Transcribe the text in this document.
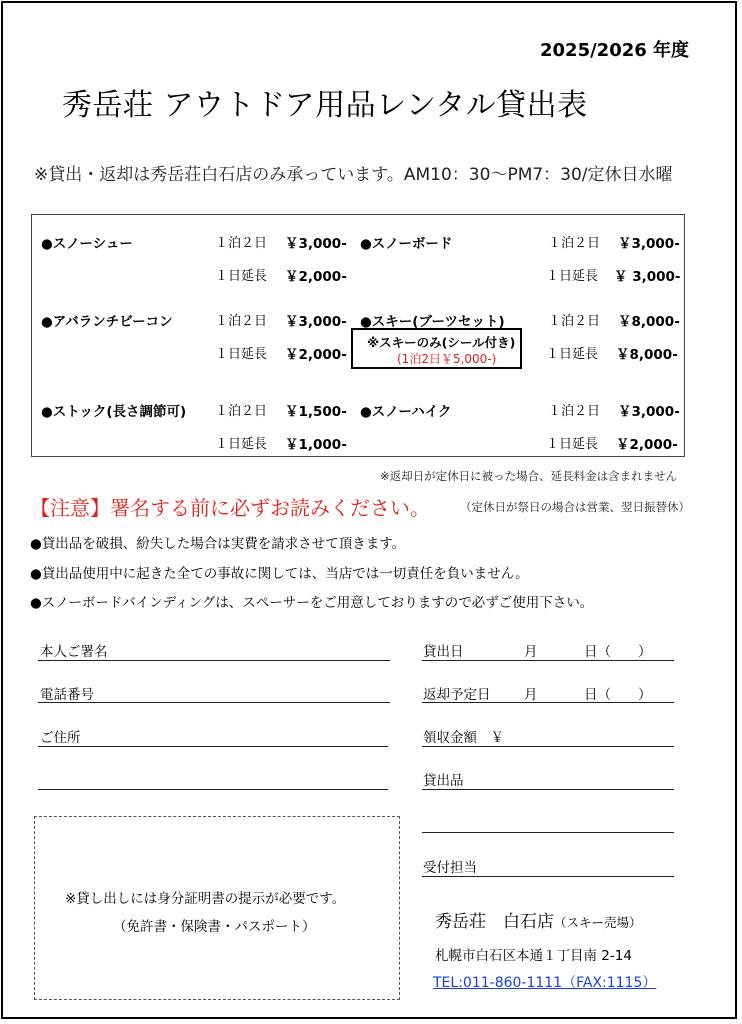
2025/2026 年度
秀岳荘 アウトドア用品レンタル貸出表
※貸出・返却は秀岳荘白石店のみ承っています。AM10：30～PM7：30/定休日水曜
●スノーシュー	１泊２日 ￥3,000-
１日延長 ￥2,000-
●スノーボード	１泊２日 ￥3,000-
１日延長 ￥ 3,000-
●アバランチビーコン	１泊２日 ￥3,000-
１日延長 ￥2,000-
●スキー(ブーツセット)	１泊２日 ￥8,000-
１日延長 ￥8,000-
※スキーのみ(シール付き)
(1泊2日￥5,000-)
●ストック(長さ調節可) １泊２日 ￥1,500-
１日延長 ￥1,000-
●スノーハイク	１泊２日 ￥3,000-
１日延長 ￥2,000-
※返却日が定休日に被った場合、延長料金は含まれません
【注意】署名する前に必ずお読みください。	（定休日が祭日の場合は営業、翌日振替休）
●貸出品を破損、紛失した場合は実費を請求させて頂きます。
●貸出品使用中に起きた全ての事故に関しては、当店では一切責任を負いません。
●スノーボードバインディングは、スペーサーをご用意しておりますので必ずご使用下さい。
本人ご署名
電話番号
ご住所
貸出日	月	日（　　）
返却予定日 月	日（　　）
領収金額　￥
貸出品
受付担当
※貸し出しには身分証明書の提示が必要です。
（免許書・保険書・パスポート）	秀岳荘　白石店（スキー売場）
札幌市白石区本通１丁目南 2-14
TEL:011-860-1111（FAX:1115）
